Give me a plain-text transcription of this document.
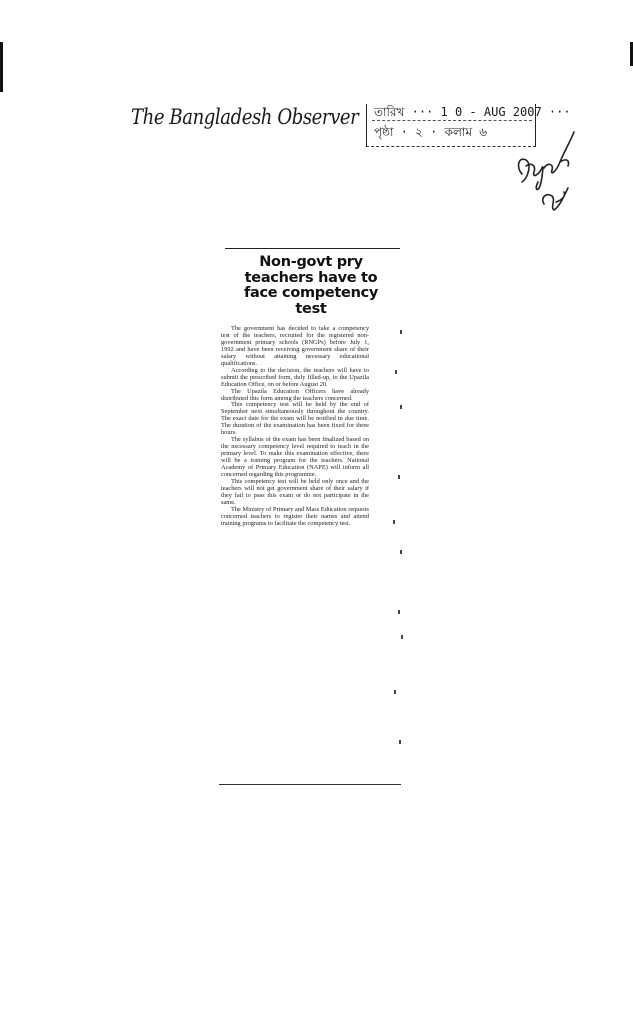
The Bangladesh Observer তারিখ ··· 1 0 - AUG 2007 ···
পৃষ্ঠা · ২ · কলাম ৬
Non-govt pry teachers have to face competency test

The government has decided to take a competency test of the teachers, recruited for the registered non-government primary schools (RNGPs) before July 1, 1992 and have been receiving government share of their salary without attaining necessary educational qualifications.

According to the decision, the teachers will have to submit the prescribed form, duly filled-up, to the Upazila Education Office, on or before August 20.

The Upazila Education Officers have already distributed this form among the teachers concerned.

This competency test will be held by the end of September next simultaneously throughout the country. The exact date for the exam will be notified in due time. The duration of the examination has been fixed for three hours.

The syllabus of the exam has been finalized based on the necessary competency level required to teach in the primary level. To make this examination effective, there will be a training program for the teachers. National Academy of Primary Education (NAPE) will inform all concerned regarding this programme.

This competency test will be held only once and the teachers will not get government share of their salary if they fail to pass this exam or do not participate in the same.

The Ministry of Primary and Mass Education requests concerned teachers to register their names and attend training programs to facilitate the competency test.
